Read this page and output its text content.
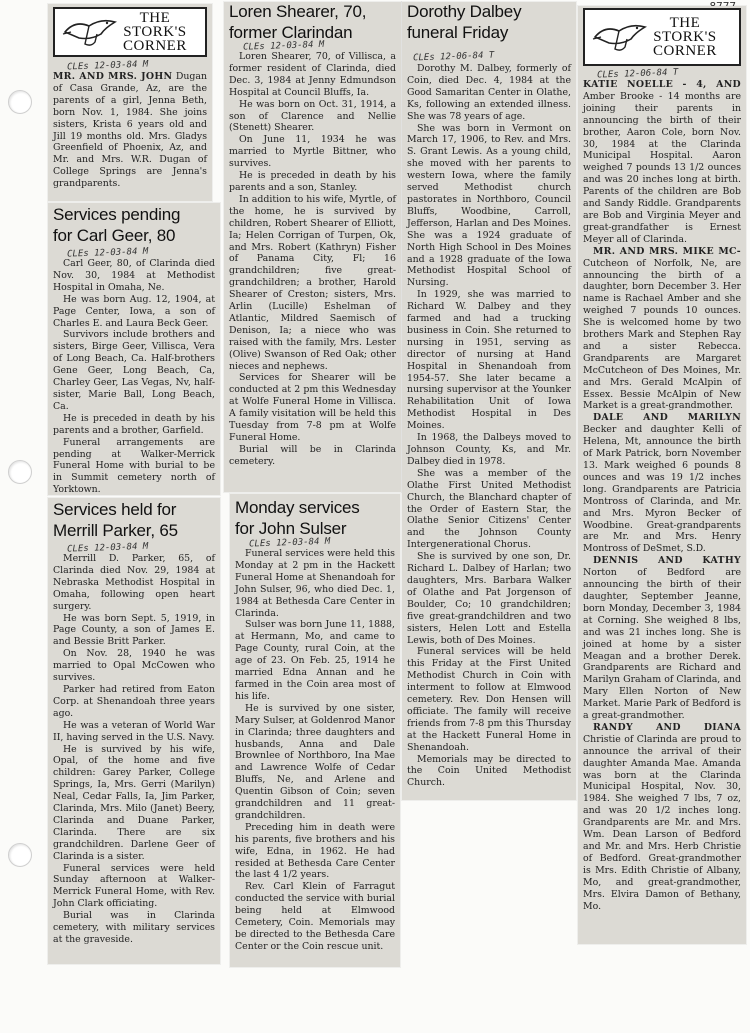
THE
STORK'S
CORNER
CLEs 12-03-84 M

MR. AND MRS. JOHN Dugan of Casa Grande, Az, are the parents of a girl, Jenna Beth, born Nov. 1, 1984. She joins sisters, Krista 6 years old and Jill 19 months old. Mrs. Gladys Greenfield of Phoenix, Az, and Mr. and Mrs. W.R. Dugan of College Springs are Jenna's grandparents.

Services pending
for Carl Geer, 80
CLEs 12-03-84 M

Carl Geer, 80, of Clarinda died Nov. 30, 1984 at Methodist Hospital in Omaha, Ne.

He was born Aug. 12, 1904, at Page Center, Iowa, a son of Charles E. and Laura Beck Geer.

Survivors include brothers and sisters, Birge Geer, Villisca, Vera of Long Beach, Ca. Half-brothers Gene Geer, Long Beach, Ca, Charley Geer, Las Vegas, Nv, half-sister, Marie Ball, Long Beach, Ca.

He is preceded in death by his parents and a brother, Garfield.

Funeral arrangements are pending at Walker-Merrick Funeral Home with burial to be in Summit cemetery north of Yorktown.

Services held for
Merrill Parker, 65
CLEs 12-03-84 M

Merrill D. Parker, 65, of Clarinda died Nov. 29, 1984 at Nebraska Methodist Hospital in Omaha, following open heart surgery.

He was born Sept. 5, 1919, in Page County, a son of James E. and Bessie Britt Parker.

On Nov. 28, 1940 he was married to Opal McCowen who survives.

Parker had retired from Eaton Corp. at Shenandoah three years ago.

He was a veteran of World War II, having served in the U.S. Navy.

He is survived by his wife, Opal, of the home and five children: Garey Parker, College Springs, Ia, Mrs. Gerri (Marilyn) Neal, Cedar Falls, Ia, Jim Parker, Clarinda, Mrs. Milo (Janet) Beery, Clarinda and Duane Parker, Clarinda. There are six grandchildren. Darlene Geer of Clarinda is a sister.

Funeral services were held Sunday afternoon at Walker-Merrick Funeral Home, with Rev. John Clark officiating.

Burial was in Clarinda cemetery, with military services at the graveside.

Loren Shearer, 70,
former Clarindan
CLEs 12-03-84 M

Loren Shearer, 70, of Villisca, a former resident of Clarinda, died Dec. 3, 1984 at Jenny Edmundson Hospital at Council Bluffs, Ia.

He was born on Oct. 31, 1914, a son of Clarence and Nellie (Stenett) Shearer.

On June 11, 1934 he was married to Myrtle Bittner, who survives.

He is preceded in death by his parents and a son, Stanley.

In addition to his wife, Myrtle, of the home, he is survived by children, Robert Shearer of Elliott, Ia; Helen Corrigan of Turpen, Ok, and Mrs. Robert (Kathryn) Fisher of Panama City, Fl; 16 grandchildren; five great-grandchildren; a brother, Harold Shearer of Creston; sisters, Mrs. Arlin (Lucille) Eshelman of Atlantic, Mildred Saemisch of Denison, Ia; a niece who was raised with the family, Mrs. Lester (Olive) Swanson of Red Oak; other nieces and nephews.

Services for Shearer will be conducted at 2 pm this Wednesday at Wolfe Funeral Home in Villisca. A family visitation will be held this Tuesday from 7-8 pm at Wolfe Funeral Home.

Burial will be in Clarinda cemetery.

Monday services
for John Sulser
CLEs 12-03-84 M

Funeral services were held this Monday at 2 pm in the Hackett Funeral Home at Shenandoah for John Sulser, 96, who died Dec. 1, 1984 at Bethesda Care Center in Clarinda.

Sulser was born June 11, 1888, at Hermann, Mo, and came to Page County, rural Coin, at the age of 23. On Feb. 25, 1914 he married Edna Annan and he farmed in the Coin area most of his life.

He is survived by one sister, Mary Sulser, at Goldenrod Manor in Clarinda; three daughters and husbands, Anna and Dale Brownlee of Northboro, Ina Mae and Lawrence Wolfe of Cedar Bluffs, Ne, and Arlene and Quentin Gibson of Coin; seven grandchildren and 11 great-grandchildren.

Preceding him in death were his parents, five brothers and his wife, Edna, in 1962. He had resided at Bethesda Care Center the last 4 1/2 years.

Rev. Carl Klein of Farragut conducted the service with burial being held at Elmwood Cemetery, Coin. Memorials may be directed to the Bethesda Care Center or the Coin rescue unit.

Dorothy Dalbey
funeral Friday CLEs 12-06-84 T

Dorothy M. Dalbey, formerly of Coin, died Dec. 4, 1984 at the Good Samaritan Center in Olathe, Ks, following an extended illness. She was 78 years of age.

She was born in Vermont on March 17, 1906, to Rev. and Mrs. S. Grant Lewis. As a young child, she moved with her parents to western Iowa, where the family served Methodist church pastorates in Northboro, Council Bluffs, Woodbine, Carroll, Jefferson, Harlan and Des Moines. She was a 1924 graduate of North High School in Des Moines and a 1928 graduate of the Iowa Methodist Hospital School of Nursing.

In 1929, she was married to Richard W. Dalbey and they farmed and had a trucking business in Coin. She returned to nursing in 1951, serving as director of nursing at Hand Hospital in Shenandoah from 1954-57. She later became a nursing supervisor at the Younker Rehabilitation Unit of Iowa Methodist Hospital in Des Moines.

In 1968, the Dalbeys moved to Johnson County, Ks, and Mr. Dalbey died in 1978.

She was a member of the Olathe First United Methodist Church, the Blanchard chapter of the Order of Eastern Star, the Olathe Senior Citizens' Center and the Johnson County Intergenerational Chorus.

She is survived by one son, Dr. Richard L. Dalbey of Harlan; two daughters, Mrs. Barbara Walker of Olathe and Pat Jorgenson of Boulder, Co; 10 grandchildren; five great-grandchildren and two sisters, Helen Lott and Estella Lewis, both of Des Moines.

Funeral services will be held this Friday at the First United Methodist Church in Coin with interment to follow at Elmwood cemetery. Rev. Don Hensen will officiate. The family will receive friends from 7-8 pm this Thursday at the Hackett Funeral Home in Shenandoah.

Memorials may be directed to the Coin United Methodist Church.

THE
STORK'S
CORNER
CLEs 12-06-84 T

KATIE NOELLE - 4, AND Amber Brooke - 14 months are joining their parents in announcing the birth of their brother, Aaron Cole, born Nov. 30, 1984 at the Clarinda Municipal Hospital. Aaron weighed 7 pounds 13 1/2 ounces and was 20 inches long at birth. Parents of the children are Bob and Sandy Riddle. Grandparents are Bob and Virginia Meyer and great-grandfather is Ernest Meyer all of Clarinda.

MR. AND MRS. MIKE MC- Cutcheon of Norfolk, Ne, are announcing the birth of a daughter, born December 3. Her name is Rachael Amber and she weighed 7 pounds 10 ounces. She is welcomed home by two brothers Mark and Stephen Ray and a sister Rebecca. Grandparents are Margaret McCutcheon of Des Moines, Mr. and Mrs. Gerald McAlpin of Essex. Bessie McAlpin of New Market is a great-grandmother.

DALE AND MARILYN Becker and daughter Kelli of Helena, Mt, announce the birth of Mark Patrick, born November 13. Mark weighed 6 pounds 8 ounces and was 19 1/2 inches long. Grandparents are Patricia Montross of Clarinda, and Mr. and Mrs. Myron Becker of Woodbine. Great-grandparents are Mr. and Mrs. Henry Montross of DeSmet, S.D.

DENNIS AND KATHY Norton of Bedford are announcing the birth of their daughter, September Jeanne, born Monday, December 3, 1984 at Corning. She weighed 8 lbs, and was 21 inches long. She is joined at home by a sister Meagan and a brother Derek. Grandparents are Richard and Marilyn Graham of Clarinda, and Mary Ellen Norton of New Market. Marie Park of Bedford is a great-grandmother.

RANDY AND DIANA Christie of Clarinda are proud to announce the arrival of their daughter Amanda Mae. Amanda was born at the Clarinda Municipal Hospital, Nov. 30, 1984. She weighed 7 lbs, 7 oz, and was 20 1/2 inches long. Grandparents are Mr. and Mrs. Wm. Dean Larson of Bedford and Mr. and Mrs. Herb Christie of Bedford. Great-grandmother is Mrs. Edith Christie of Albany, Mo, and great-grandmother, Mrs. Elvira Damon of Bethany, Mo.
